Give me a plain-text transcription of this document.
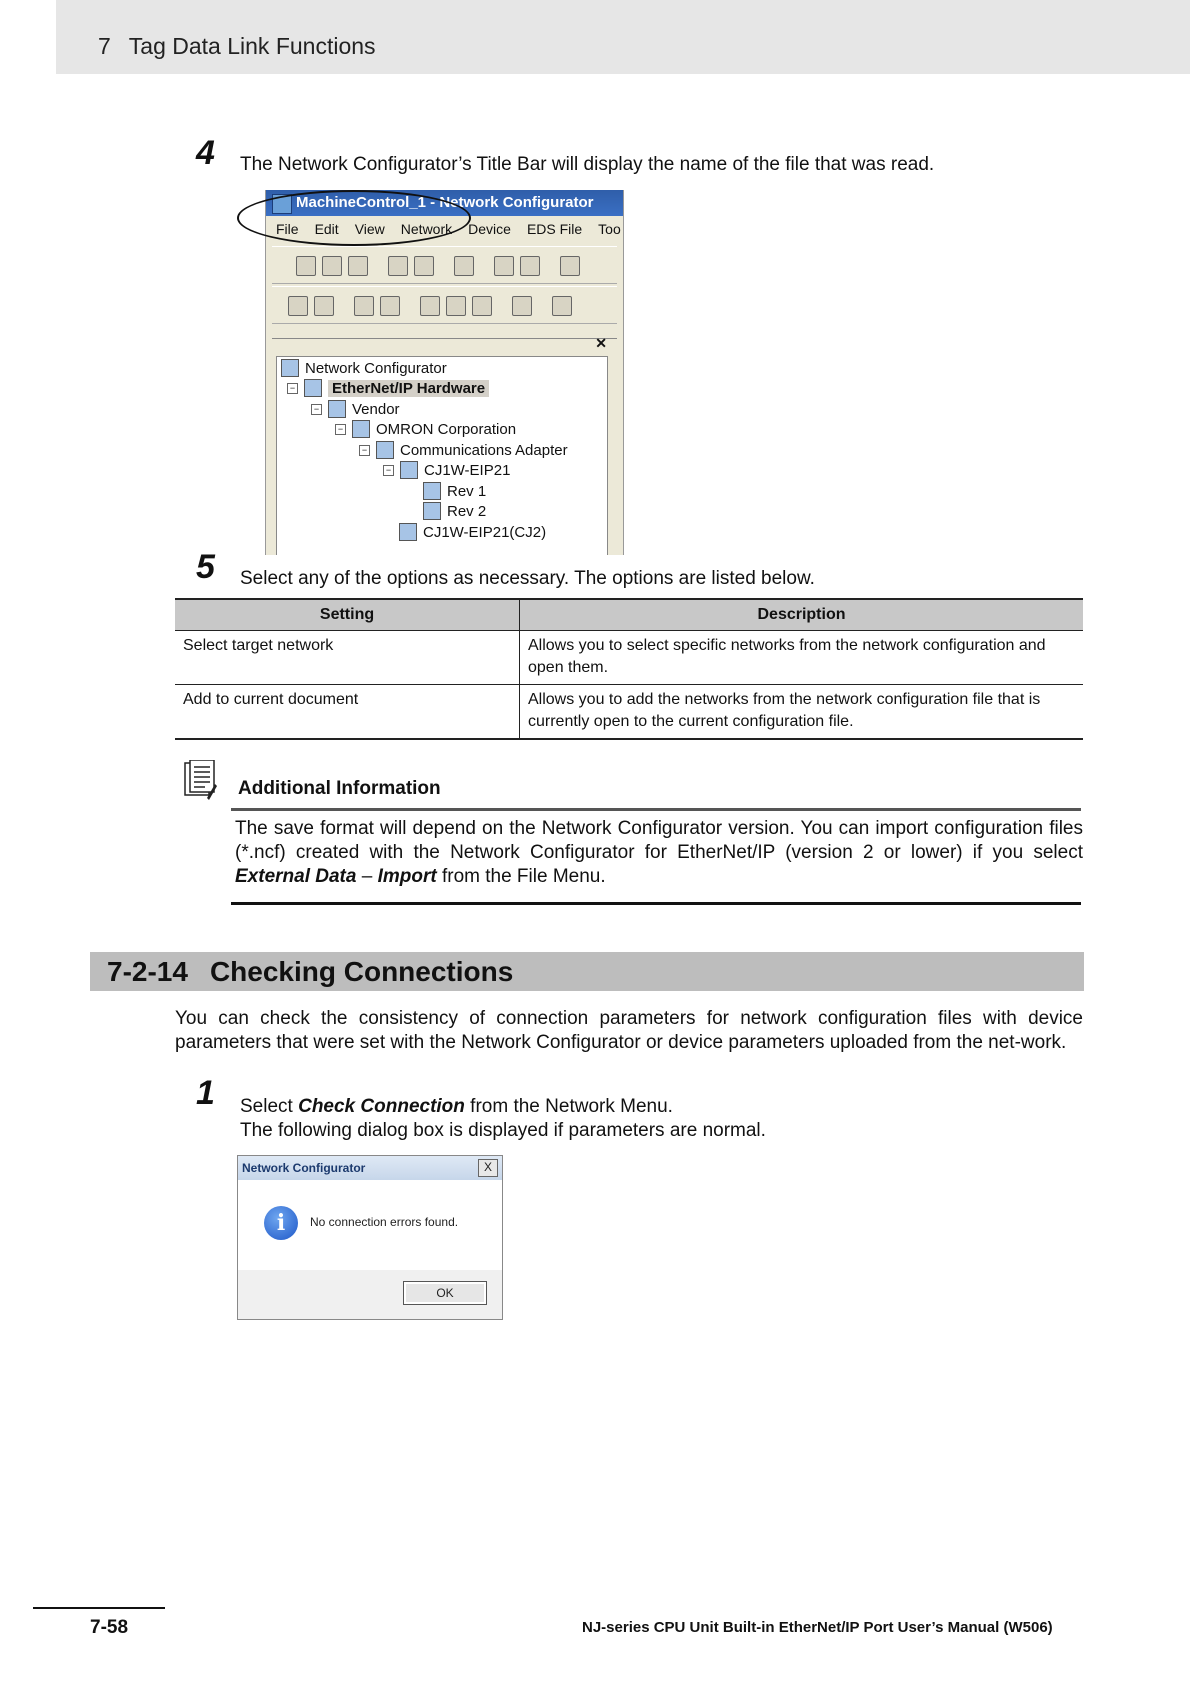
7 Tag Data Link Functions
4 The Network Configurator’s Title Bar will display the name of the file that was read.
MachineControl_1 - Network Configurator
File Edit View Network Device EDS File Too
✕
Network Configurator
− EtherNet/IP Hardware
− Vendor
− OMRON Corporation
− Communications Adapter
− CJ1W-EIP21
Rev 1
Rev 2
CJ1W-EIP21(CJ2)
5 Select any of the options as necessary. The options are listed below.
Setting	Description
Select target network	Allows you to select specific networks from the network configuration and open them.
Add to current document	Allows you to add the networks from the network configuration file that is currently open to the current configuration file.
Additional Information
The save format will depend on the Network Configurator version. You can import configuration files (*.ncf) created with the Network Configurator for EtherNet/IP (version 2 or lower) if you select External Data – Import from the File Menu.
7-2-14 Checking Connections
You can check the consistency of connection parameters for network configuration files with device parameters that were set with the Network Configurator or device parameters uploaded from the net-work.
1 Select Check Connection from the Network Menu.
The following dialog box is displayed if parameters are normal.
Network Configurator	X
i	No connection errors found.
OK
7-58	NJ-series CPU Unit Built-in EtherNet/IP Port User’s Manual (W506)
